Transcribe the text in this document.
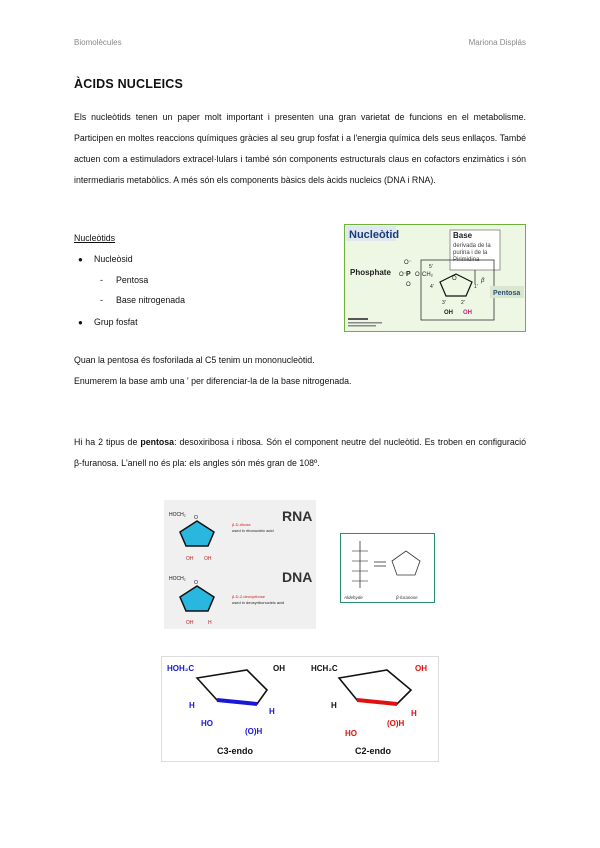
Biomolècules	Mariona Displás
ÀCIDS NUCLEICS
Els nucleòtids tenen un paper molt important i presenten una gran varietat de funcions en el metabolisme. Participen en moltes reaccions químiques gràcies al seu grup fosfat i a l'energia química dels seus enllaços. També actuen com a estimuladors extracel·lulars i també són components estructurals claus en cofactors enzimàtics i són intermediaris metabòlics. A més són els components bàsics dels àcids nucleics (DNA i RNA).
Nucleòtids
● Nucleòsid
- Pentosa
- Base nitrogenada
● Grup fosfat
Quan la pentosa és fosforilada al C5 tenim un mononucleòtid.
Enumerem la base amb una ' per diferenciar-la de la base nitrogenada.
Hi ha 2 tipus de pentosa: desoxiribosa i ribosa. Són el component neutre del nucleòtid. Es troben en configuració β-furanosa. L'anell no és pla: els angles són més gran de 108º.
Nucleòtid	Base
derivada de la
purina i de la
Pirimidina
Phosphate
O⁻
O⁻ P
O
O CH₂
5'
O
4'	1'
3'	2'
β
OH OH
Pentosa
RNA
HOCH₂ O
OH OH
β-D-ribose
used in ribonucleic acid
DNA
HOCH₂
O
OH	H
β-D-2-deoxyribose
used in deoxyribonucleic acid
Aldehyde	β-furanose
HOH₂C	OH
H
HO
H
(O)H
C3-endo
HCH₂C	OH
H
HO
H
(O)H
C2-endo
